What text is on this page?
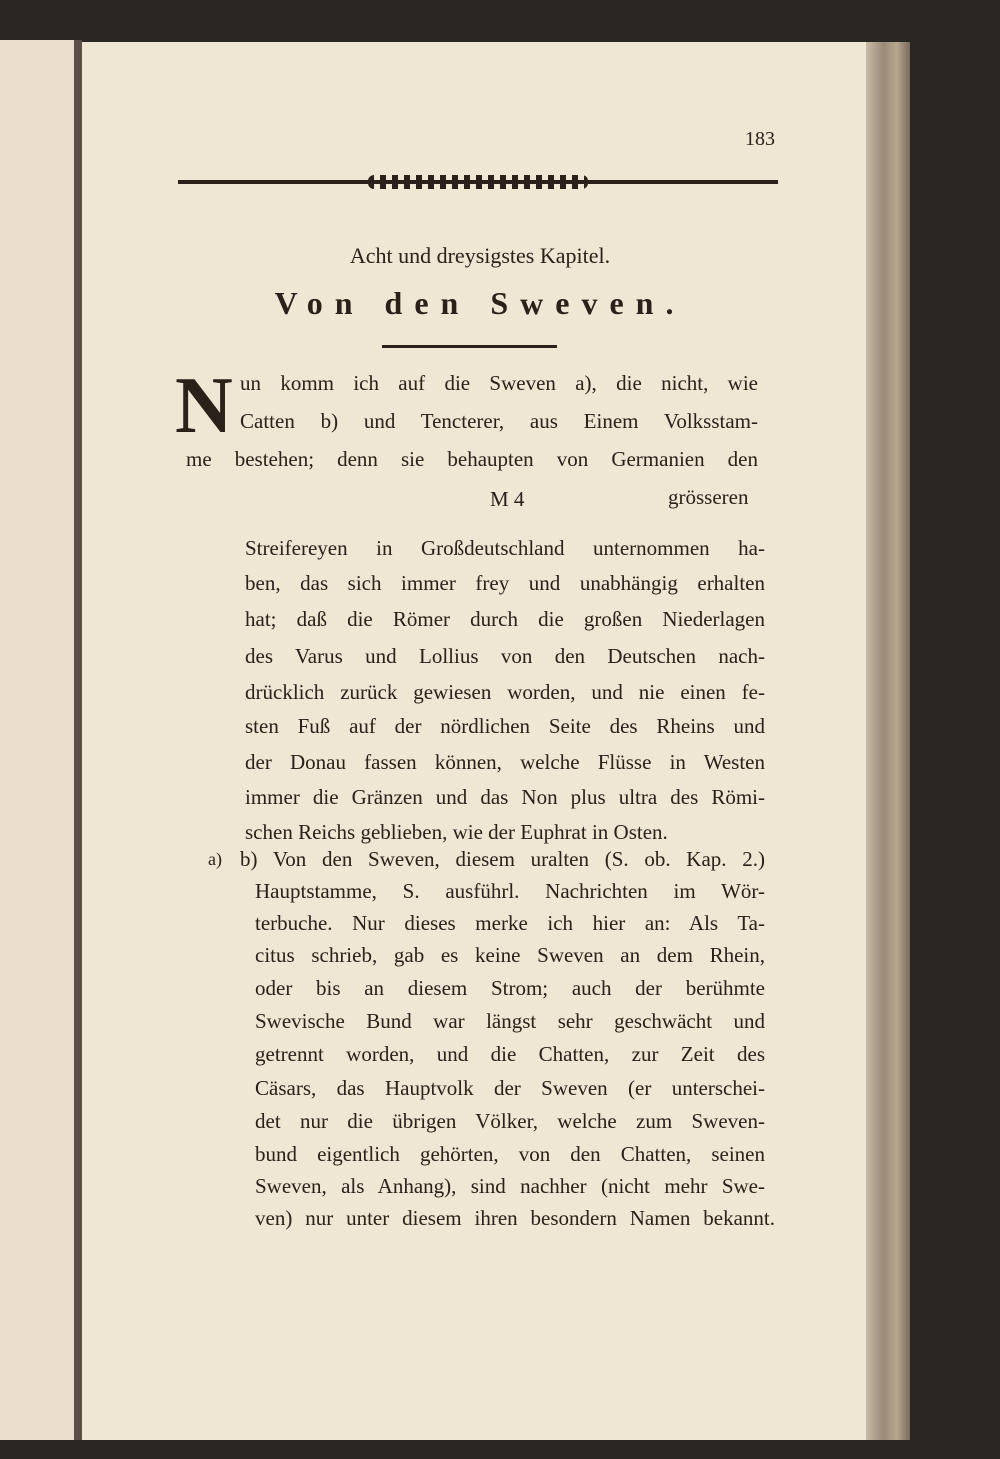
183
Acht und dreysigstes Kapitel.
Von den Sweven.
N un komm ich auf die Sweven a), die nicht, wie
Catten b) und Tencterer, aus Einem Volksstam-
me bestehen; denn sie behaupten von Germanien den
M 4	grösseren
Streifereyen in Großdeutschland unternommen ha-
ben, das sich immer frey und unabhängig erhalten
hat; daß die Römer durch die großen Niederlagen
des Varus und Lollius von den Deutschen nach-
drücklich zurück gewiesen worden, und nie einen fe-
sten Fuß auf der nördlichen Seite des Rheins und
der Donau fassen können, welche Flüsse in Westen
immer die Gränzen und das Non plus ultra des Römi-
schen Reichs geblieben, wie der Euphrat in Osten.
a) b) Von den Sweven, diesem uralten (S. ob. Kap. 2.)
Hauptstamme, S. ausführl. Nachrichten im Wör-
terbuche. Nur dieses merke ich hier an: Als Ta-
citus schrieb, gab es keine Sweven an dem Rhein,
oder bis an diesem Strom; auch der berühmte
Swevische Bund war längst sehr geschwächt und
getrennt worden, und die Chatten, zur Zeit des
Cäsars, das Hauptvolk der Sweven (er unterschei-
det nur die übrigen Völker, welche zum Sweven-
bund eigentlich gehörten, von den Chatten, seinen
Sweven, als Anhang), sind nachher (nicht mehr Swe-
ven) nur unter diesem ihren besondern Namen bekannt.
